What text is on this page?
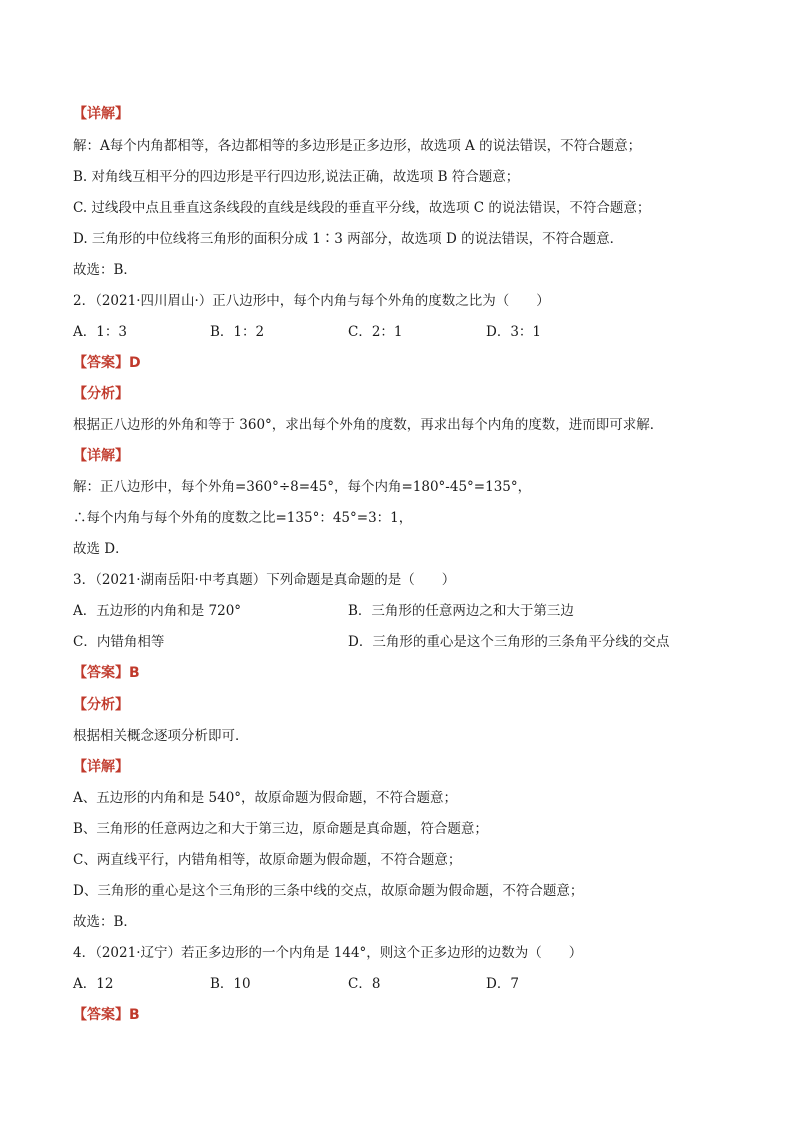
【详解】
解：A每个内角都相等，各边都相等的多边形是正多边形，故选项 A 的说法错误，不符合题意；
B. 对角线互相平分的四边形是平行四边形,说法正确，故选项 B 符合题意；
C. 过线段中点且垂直这条线段的直线是线段的垂直平分线，故选项 C 的说法错误，不符合题意；
D. 三角形的中位线将三角形的面积分成 1∶3 两部分，故选项 D 的说法错误，不符合题意．
故选：B．
2．（2021·四川眉山·）正八边形中，每个内角与每个外角的度数之比为（　　）
A．1：3	B．1：2	C．2：1	D．3：1
【答案】D
【分析】
根据正八边形的外角和等于 360°，求出每个外角的度数，再求出每个内角的度数，进而即可求解．
【详解】
解：正八边形中，每个外角=360°÷8=45°，每个内角=180°-45°=135°，
∴每个内角与每个外角的度数之比=135°：45°=3：1，
故选 D．
3．（2021·湖南岳阳·中考真题）下列命题是真命题的是（　　）
A．五边形的内角和是 720°	B．三角形的任意两边之和大于第三边
C．内错角相等	D．三角形的重心是这个三角形的三条角平分线的交点
【答案】B
【分析】
根据相关概念逐项分析即可．
【详解】
A、五边形的内角和是 540°，故原命题为假命题，不符合题意；
B、三角形的任意两边之和大于第三边，原命题是真命题，符合题意；
C、两直线平行，内错角相等，故原命题为假命题，不符合题意；
D、三角形的重心是这个三角形的三条中线的交点，故原命题为假命题，不符合题意；
故选：B．
4．（2021·辽宁）若正多边形的一个内角是 144°，则这个正多边形的边数为（　　）
A．12	B．10	C．8	D．7
【答案】B
